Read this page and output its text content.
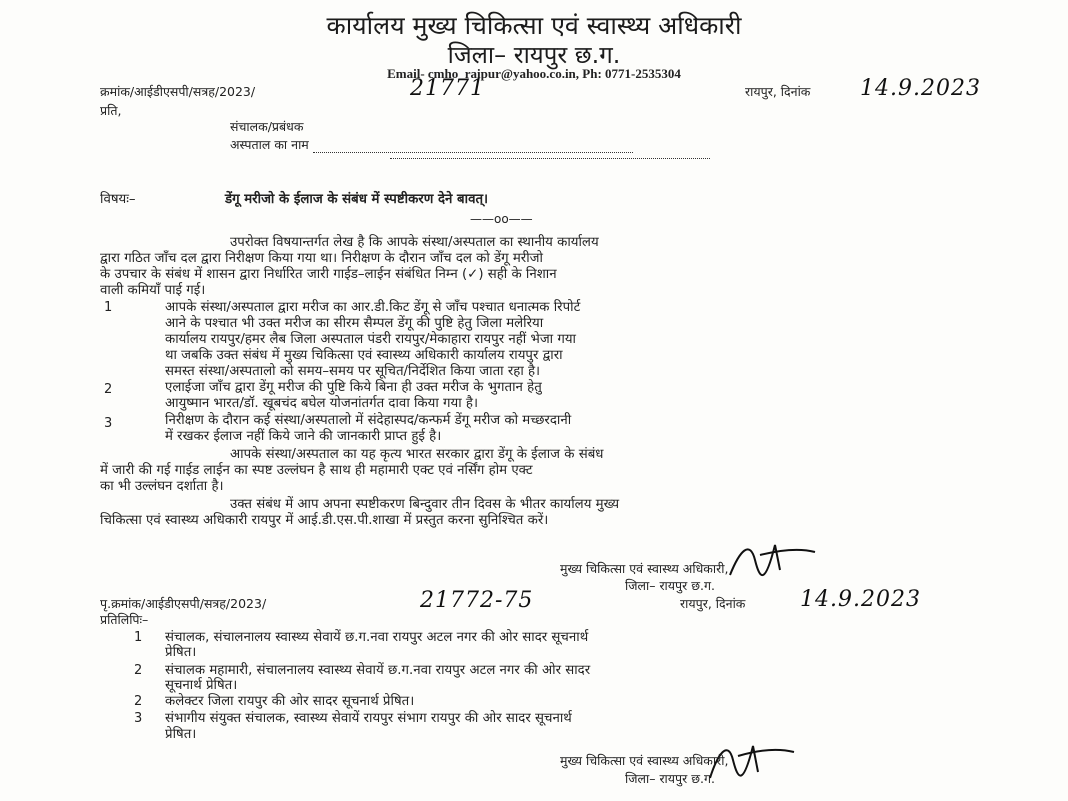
कार्यालय मुख्य चिकित्सा एवं स्वास्थ्य अधिकारी
जिला– रायपुर छ.ग.
Email- cmho_raipur@yahoo.co.in, Ph: 0771-2535304
क्रमांक/आईडीएसपी/सत्रह/2023/	21771	रायपुर, दिनांक 14.9.2023
प्रति,
संचालक/प्रबंधक
अस्पताल का नाम
विषयः–	डेंगू मरीजो के ईलाज के संबंध में स्पष्टीकरण देने बावत्।
——oo——
उपरोक्त विषयान्तर्गत लेख है कि आपके संस्था/अस्पताल का स्थानीय कार्यालय
द्वारा गठित जाँच दल द्वारा निरीक्षण किया गया था। निरीक्षण के दौरान जाँच दल को डेंगू मरीजो
के उपचार के संबंध में शासन द्वारा निर्धारित जारी गाईड–लाईन संबंधित निम्न (✓) सही के निशान
वाली कमियाँ पाई गई।
1	आपके संस्था/अस्पताल द्वारा मरीज का आर.डी.किट डेंगू से जाँच पश्चात धनात्मक रिपोर्ट
आने के पश्चात भी उक्त मरीज का सीरम सैम्पल डेंगू की पुष्टि हेतु जिला मलेरिया
कार्यालय रायपुर/हमर लैब जिला अस्पताल पंडरी रायपुर/मेकाहारा रायपुर नहीं भेजा गया
था जबकि उक्त संबंध में मुख्य चिकित्सा एवं स्वास्थ्य अधिकारी कार्यालय रायपुर द्वारा
समस्त संस्था/अस्पतालो को समय–समय पर सूचित/निर्देशित किया जाता रहा है।
2	एलाईजा जाँच द्वारा डेंगू मरीज की पुष्टि किये बिना ही उक्त मरीज के भुगतान हेतु
आयुष्मान भारत/डॉ. खूबचंद बघेल योजनांतर्गत दावा किया गया है।
3	निरीक्षण के दौरान कई संस्था/अस्पतालो में संदेहास्पद/कन्फर्म डेंगू मरीज को मच्छरदानी
में रखकर ईलाज नहीं किये जाने की जानकारी प्राप्त हुई है।
आपके संस्था/अस्पताल का यह कृत्य भारत सरकार द्वारा डेंगू के ईलाज के संबंध
में जारी की गई गाईड लाईन का स्पष्ट उल्लंघन है साथ ही महामारी एक्ट एवं नर्सिंग होम एक्ट
का भी उल्लंघन दर्शाता है।
उक्त संबंध में आप अपना स्पष्टीकरण बिन्दुवार तीन दिवस के भीतर कार्यालय मुख्य
चिकित्सा एवं स्वास्थ्य अधिकारी रायपुर में आई.डी.एस.पी.शाखा में प्रस्तुत करना सुनिश्चित करें।
मुख्य चिकित्सा एवं स्वास्थ्य अधिकारी,
जिला– रायपुर छ.ग.
पृ.क्रमांक/आईडीएसपी/सत्रह/2023/	21772-75	रायपुर, दिनांक 14.9.2023
प्रतिलिपिः–
1 संचालक, संचालनालय स्वास्थ्य सेवायें छ.ग.नवा रायपुर अटल नगर की ओर सादर सूचनार्थ
प्रेषित।
2 संचालक महामारी, संचालनालय स्वास्थ्य सेवायें छ.ग.नवा रायपुर अटल नगर की ओर सादर
सूचनार्थ प्रेषित।
2 कलेक्टर जिला रायपुर की ओर सादर सूचनार्थ प्रेषित।
3 संभागीय संयुक्त संचालक, स्वास्थ्य सेवायें रायपुर संभाग रायपुर की ओर सादर सूचनार्थ
प्रेषित।
मुख्य चिकित्सा एवं स्वास्थ्य अधिकारी,
जिला– रायपुर छ.ग.
